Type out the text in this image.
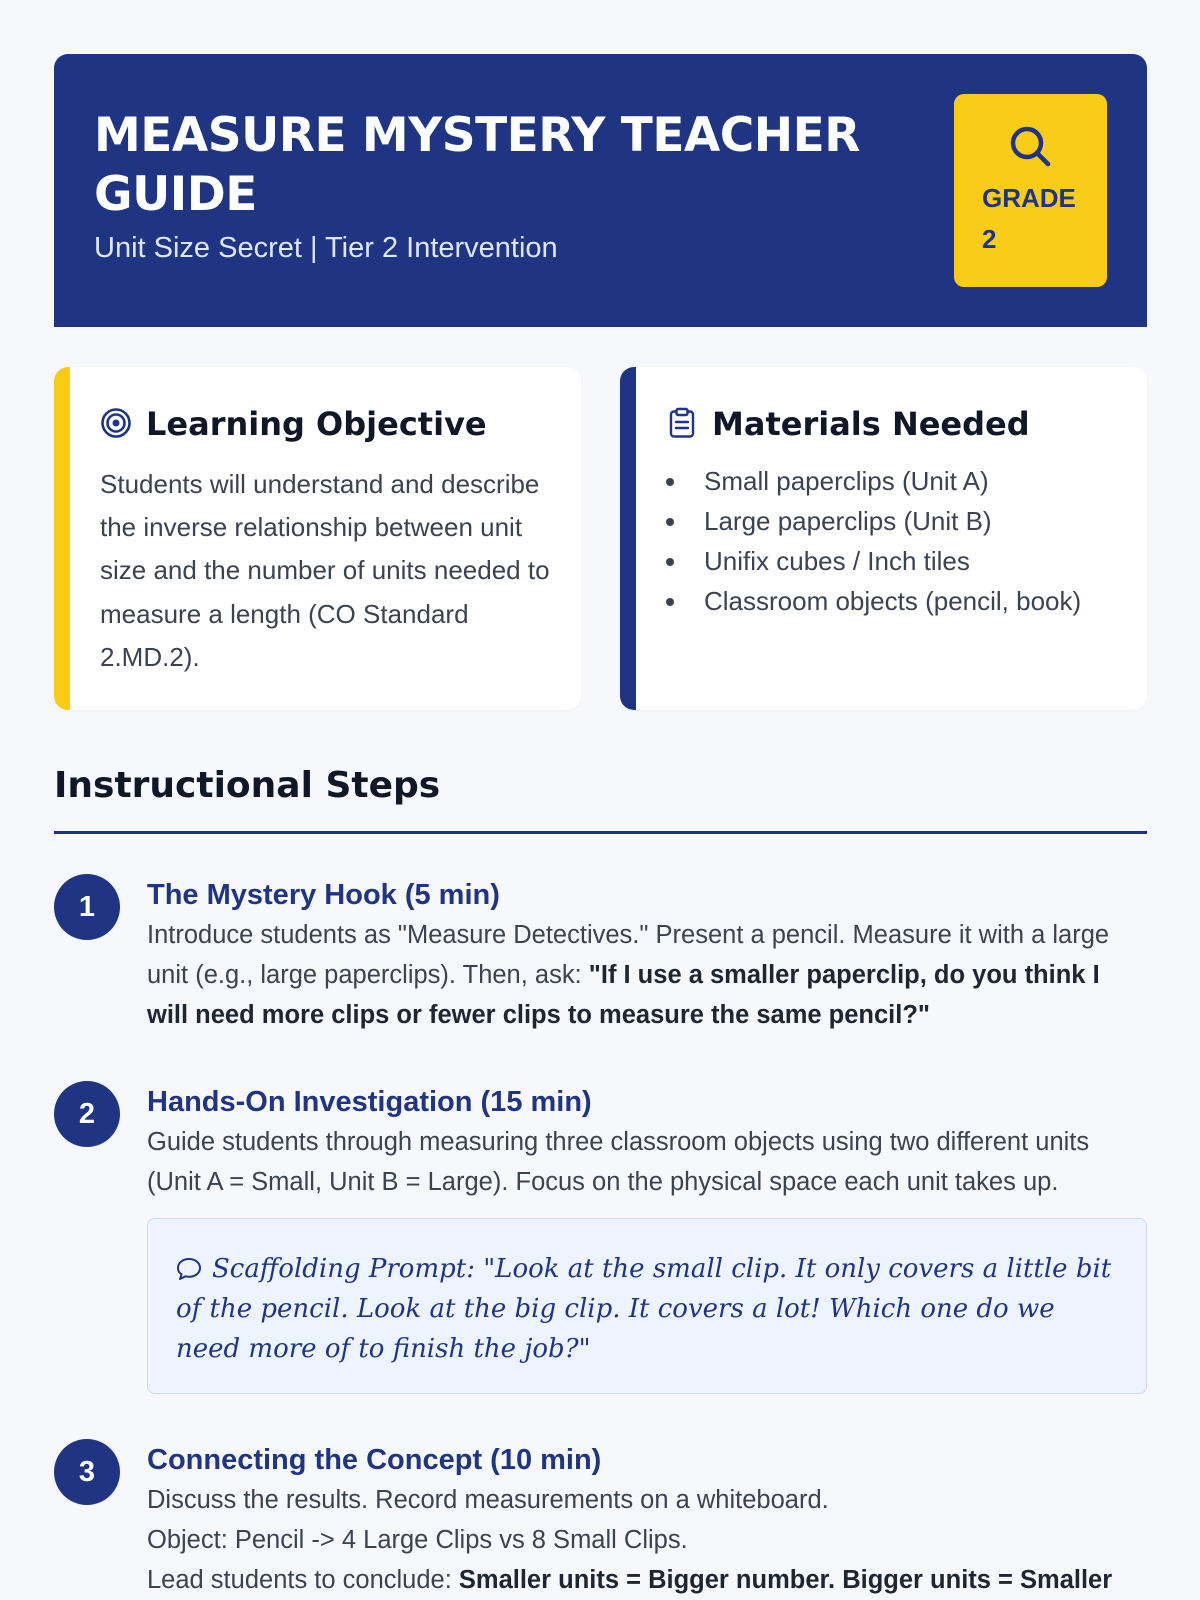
MEASURE MYSTERY TEACHER GUIDE
Unit Size Secret | Tier 2 Intervention
GRADE 2
Learning Objective
Students will understand and describe the inverse relationship between unit size and the number of units needed to measure a length (CO Standard 2.MD.2).
Materials Needed
Small paperclips (Unit A)
Large paperclips (Unit B)
Unifix cubes / Inch tiles
Classroom objects (pencil, book)
Instructional Steps
1	The Mystery Hook (5 min)
Introduce students as "Measure Detectives." Present a pencil. Measure it with a large unit (e.g., large paperclips). Then, ask: "If I use a smaller paperclip, do you think I will need more clips or fewer clips to measure the same pencil?"
2	Hands-On Investigation (15 min)
Guide students through measuring three classroom objects using two different units (Unit A = Small, Unit B = Large). Focus on the physical space each unit takes up.
Scaffolding Prompt: "Look at the small clip. It only covers a little bit of the pencil. Look at the big clip. It covers a lot! Which one do we need more of to finish the job?"
3	Connecting the Concept (10 min)
Discuss the results. Record measurements on a whiteboard.
Object: Pencil -> 4 Large Clips vs 8 Small Clips.
Lead students to conclude: Smaller units = Bigger number. Bigger units = Smaller
